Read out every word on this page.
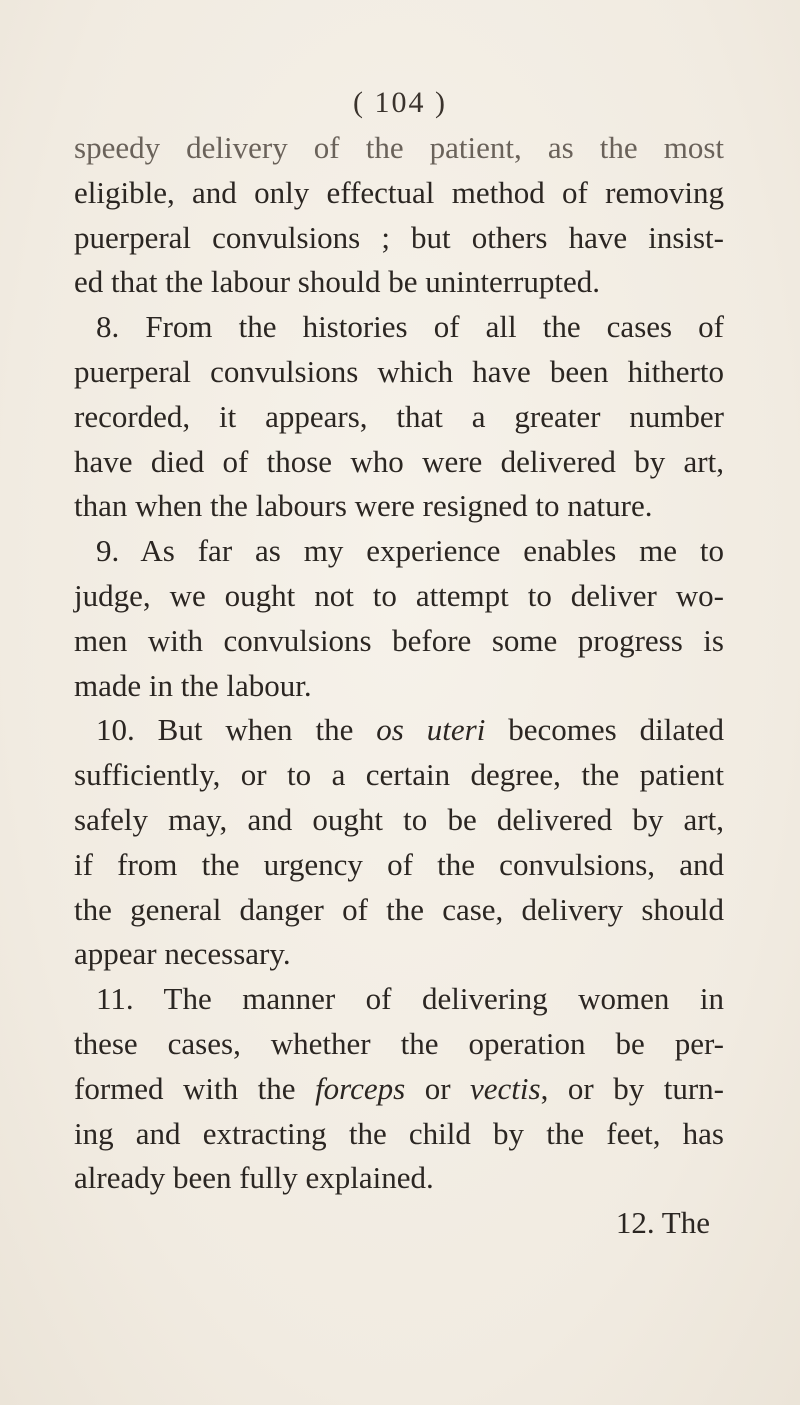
( 104 )
speedy delivery of the patient, as the most
eligible, and only effectual method of removing
puerperal convulsions ; but others have insist-
ed that the labour should be uninterrupted.
8. From the histories of all the cases of
puerperal convulsions which have been hitherto
recorded, it appears, that a greater number
have died of those who were delivered by art,
than when the labours were resigned to nature.
9. As far as my experience enables me to
judge, we ought not to attempt to deliver wo-
men with convulsions before some progress is
made in the labour.
10. But when the os uteri becomes dilated
sufficiently, or to a certain degree, the patient
safely may, and ought to be delivered by art,
if from the urgency of the convulsions, and
the general danger of the case, delivery should
appear necessary.
11. The manner of delivering women in
these cases, whether the operation be per-
formed with the forceps or vectis, or by turn-
ing and extracting the child by the feet, has
already been fully explained.
12. The
